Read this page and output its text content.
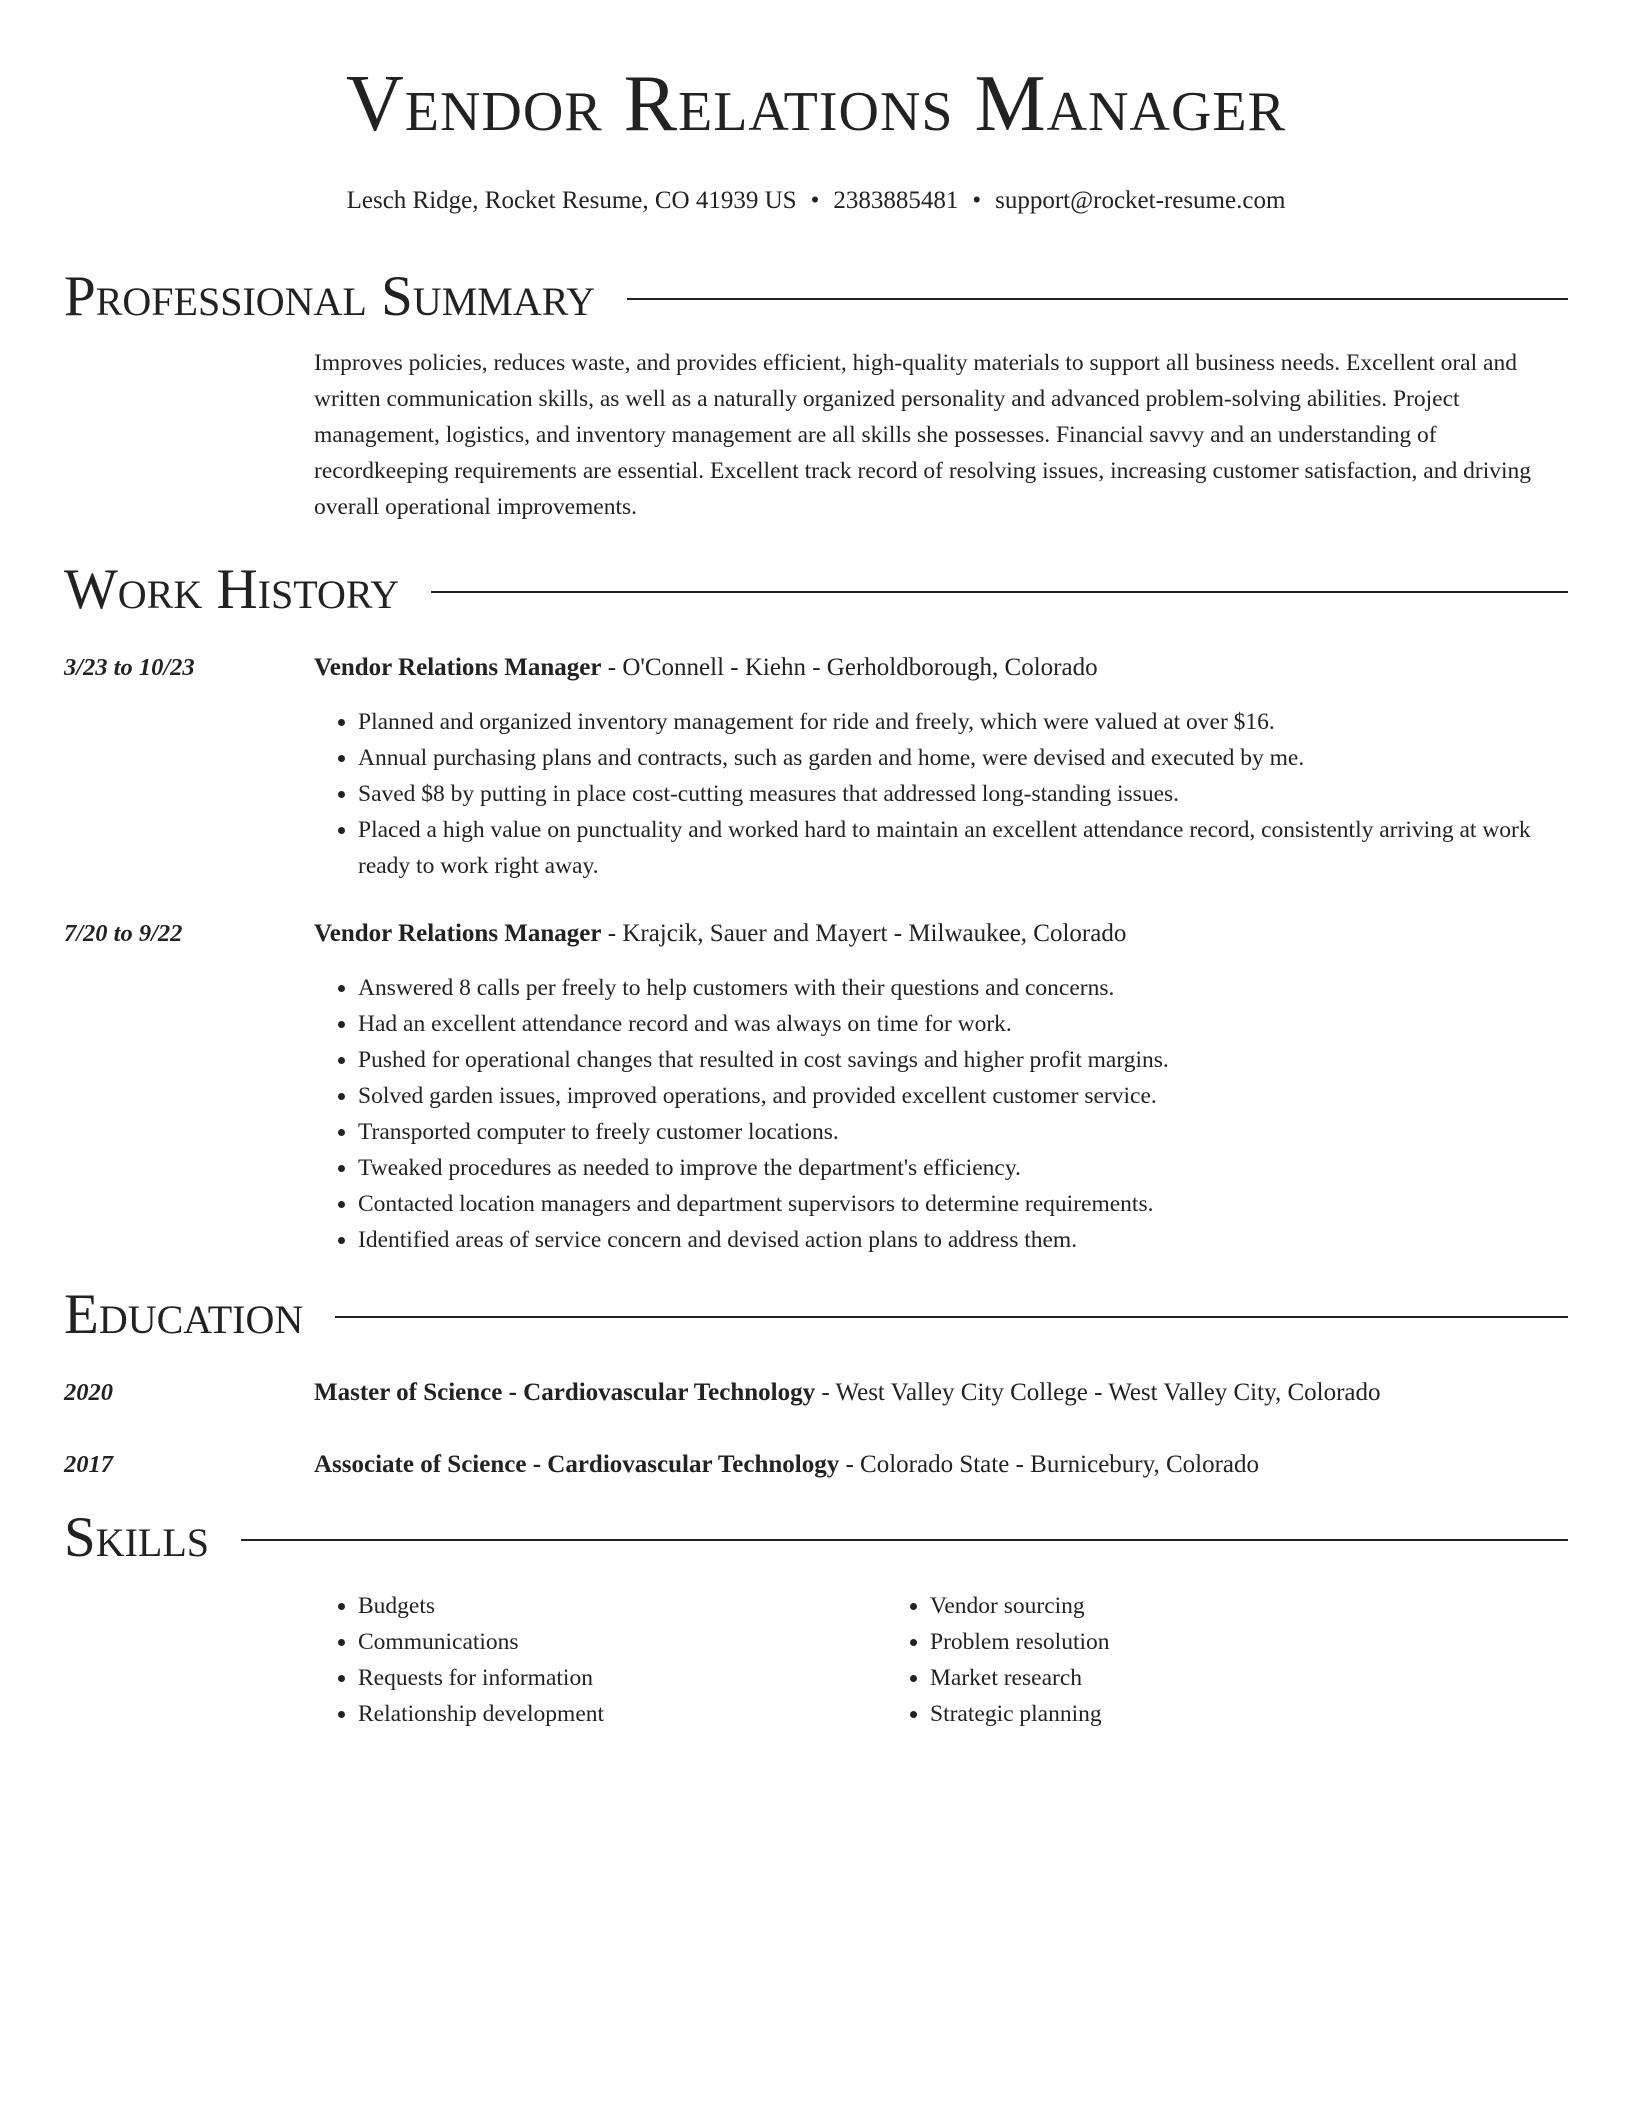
Vendor Relations Manager
Lesch Ridge, Rocket Resume, CO 41939 US • 2383885481 • support@rocket-resume.com
Professional Summary

Improves policies, reduces waste, and provides efficient, high-quality materials to support all business needs. Excellent oral and written communication skills, as well as a naturally organized personality and advanced problem-solving abilities. Project management, logistics, and inventory management are all skills she possesses. Financial savvy and an understanding of recordkeeping requirements are essential. Excellent track record of resolving issues, increasing customer satisfaction, and driving overall operational improvements.

Work History
3/23 to 10/23	Vendor Relations Manager - O'Connell - Kiehn - Gerholdborough, Colorado
• Planned and organized inventory management for ride and freely, which were valued at over $16.
• Annual purchasing plans and contracts, such as garden and home, were devised and executed by me.
• Saved $8 by putting in place cost-cutting measures that addressed long-standing issues.
• Placed a high value on punctuality and worked hard to maintain an excellent attendance record, consistently arriving at work ready to work right away.
7/20 to 9/22	Vendor Relations Manager - Krajcik, Sauer and Mayert - Milwaukee, Colorado
• Answered 8 calls per freely to help customers with their questions and concerns.
• Had an excellent attendance record and was always on time for work.
• Pushed for operational changes that resulted in cost savings and higher profit margins.
• Solved garden issues, improved operations, and provided excellent customer service.
• Transported computer to freely customer locations.
• Tweaked procedures as needed to improve the department's efficiency.
• Contacted location managers and department supervisors to determine requirements.
• Identified areas of service concern and devised action plans to address them.
Education
2020	Master of Science - Cardiovascular Technology - West Valley City College - West Valley City, Colorado
2017	Associate of Science - Cardiovascular Technology - Colorado State - Burnicebury, Colorado
Skills
• Budgets
• Communications
• Requests for information
• Relationship development
• Vendor sourcing
• Problem resolution
• Market research
• Strategic planning
